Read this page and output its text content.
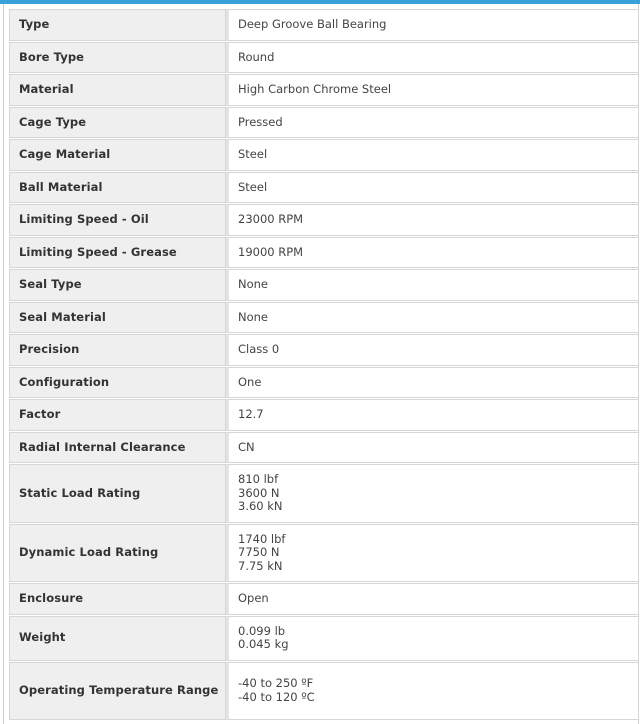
Type	Deep Groove Ball Bearing

Bore Type	Round

Material	High Carbon Chrome Steel

Cage Type	Pressed

Cage Material	Steel

Ball Material	Steel

Limiting Speed - Oil	23000 RPM

Limiting Speed - Grease	19000 RPM

Seal Type	None

Seal Material	None

Precision	Class 0

Configuration	One

Factor	12.7

Radial Internal Clearance	CN

Static Load Rating	810 lbf
3600 N
3.60 kN

Dynamic Load Rating	1740 lbf
7750 N
7.75 kN

Enclosure	Open

Weight	0.099 lb
0.045 kg

Operating Temperature Range	-40 to 250 ºF
-40 to 120 ºC
